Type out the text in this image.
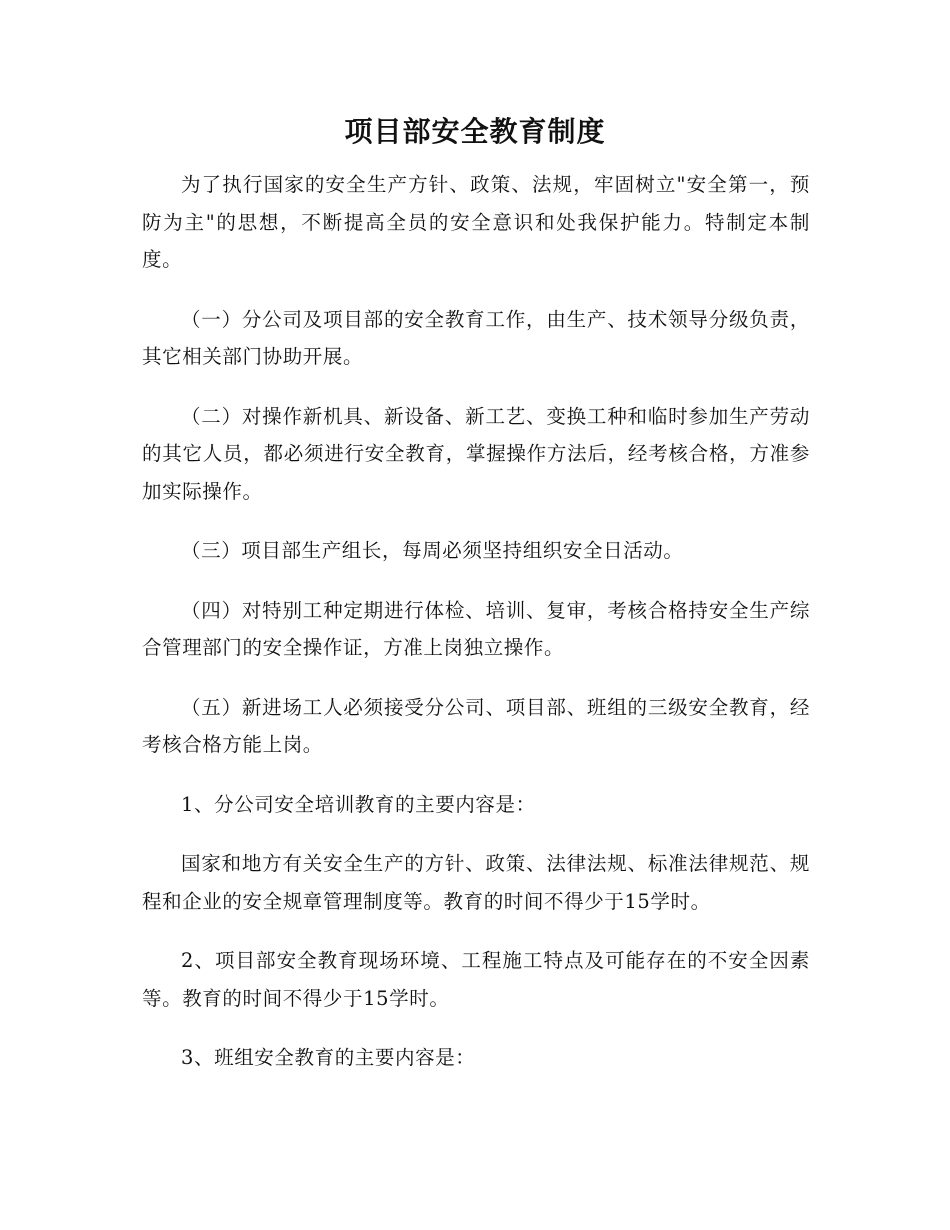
项目部安全教育制度

为了执行国家的安全生产方针、政策、法规，牢固树立"安全第一，预防为主"的思想，不断提高全员的安全意识和处我保护能力。特制定本制度。

（一）分公司及项目部的安全教育工作，由生产、技术领导分级负责，其它相关部门协助开展。

（二）对操作新机具、新设备、新工艺、变换工种和临时参加生产劳动的其它人员，都必须进行安全教育，掌握操作方法后，经考核合格，方准参加实际操作。

（三）项目部生产组长，每周必须坚持组织安全日活动。

（四）对特别工种定期进行体检、培训、复审，考核合格持安全生产综合管理部门的安全操作证，方准上岗独立操作。

（五）新进场工人必须接受分公司、项目部、班组的三级安全教育，经考核合格方能上岗。

1、分公司安全培训教育的主要内容是：

国家和地方有关安全生产的方针、政策、法律法规、标准法律规范、规程和企业的安全规章管理制度等。教育的时间不得少于15学时。

2、项目部安全教育现场环境、工程施工特点及可能存在的不安全因素等。教育的时间不得少于15学时。

3、班组安全教育的主要内容是：
